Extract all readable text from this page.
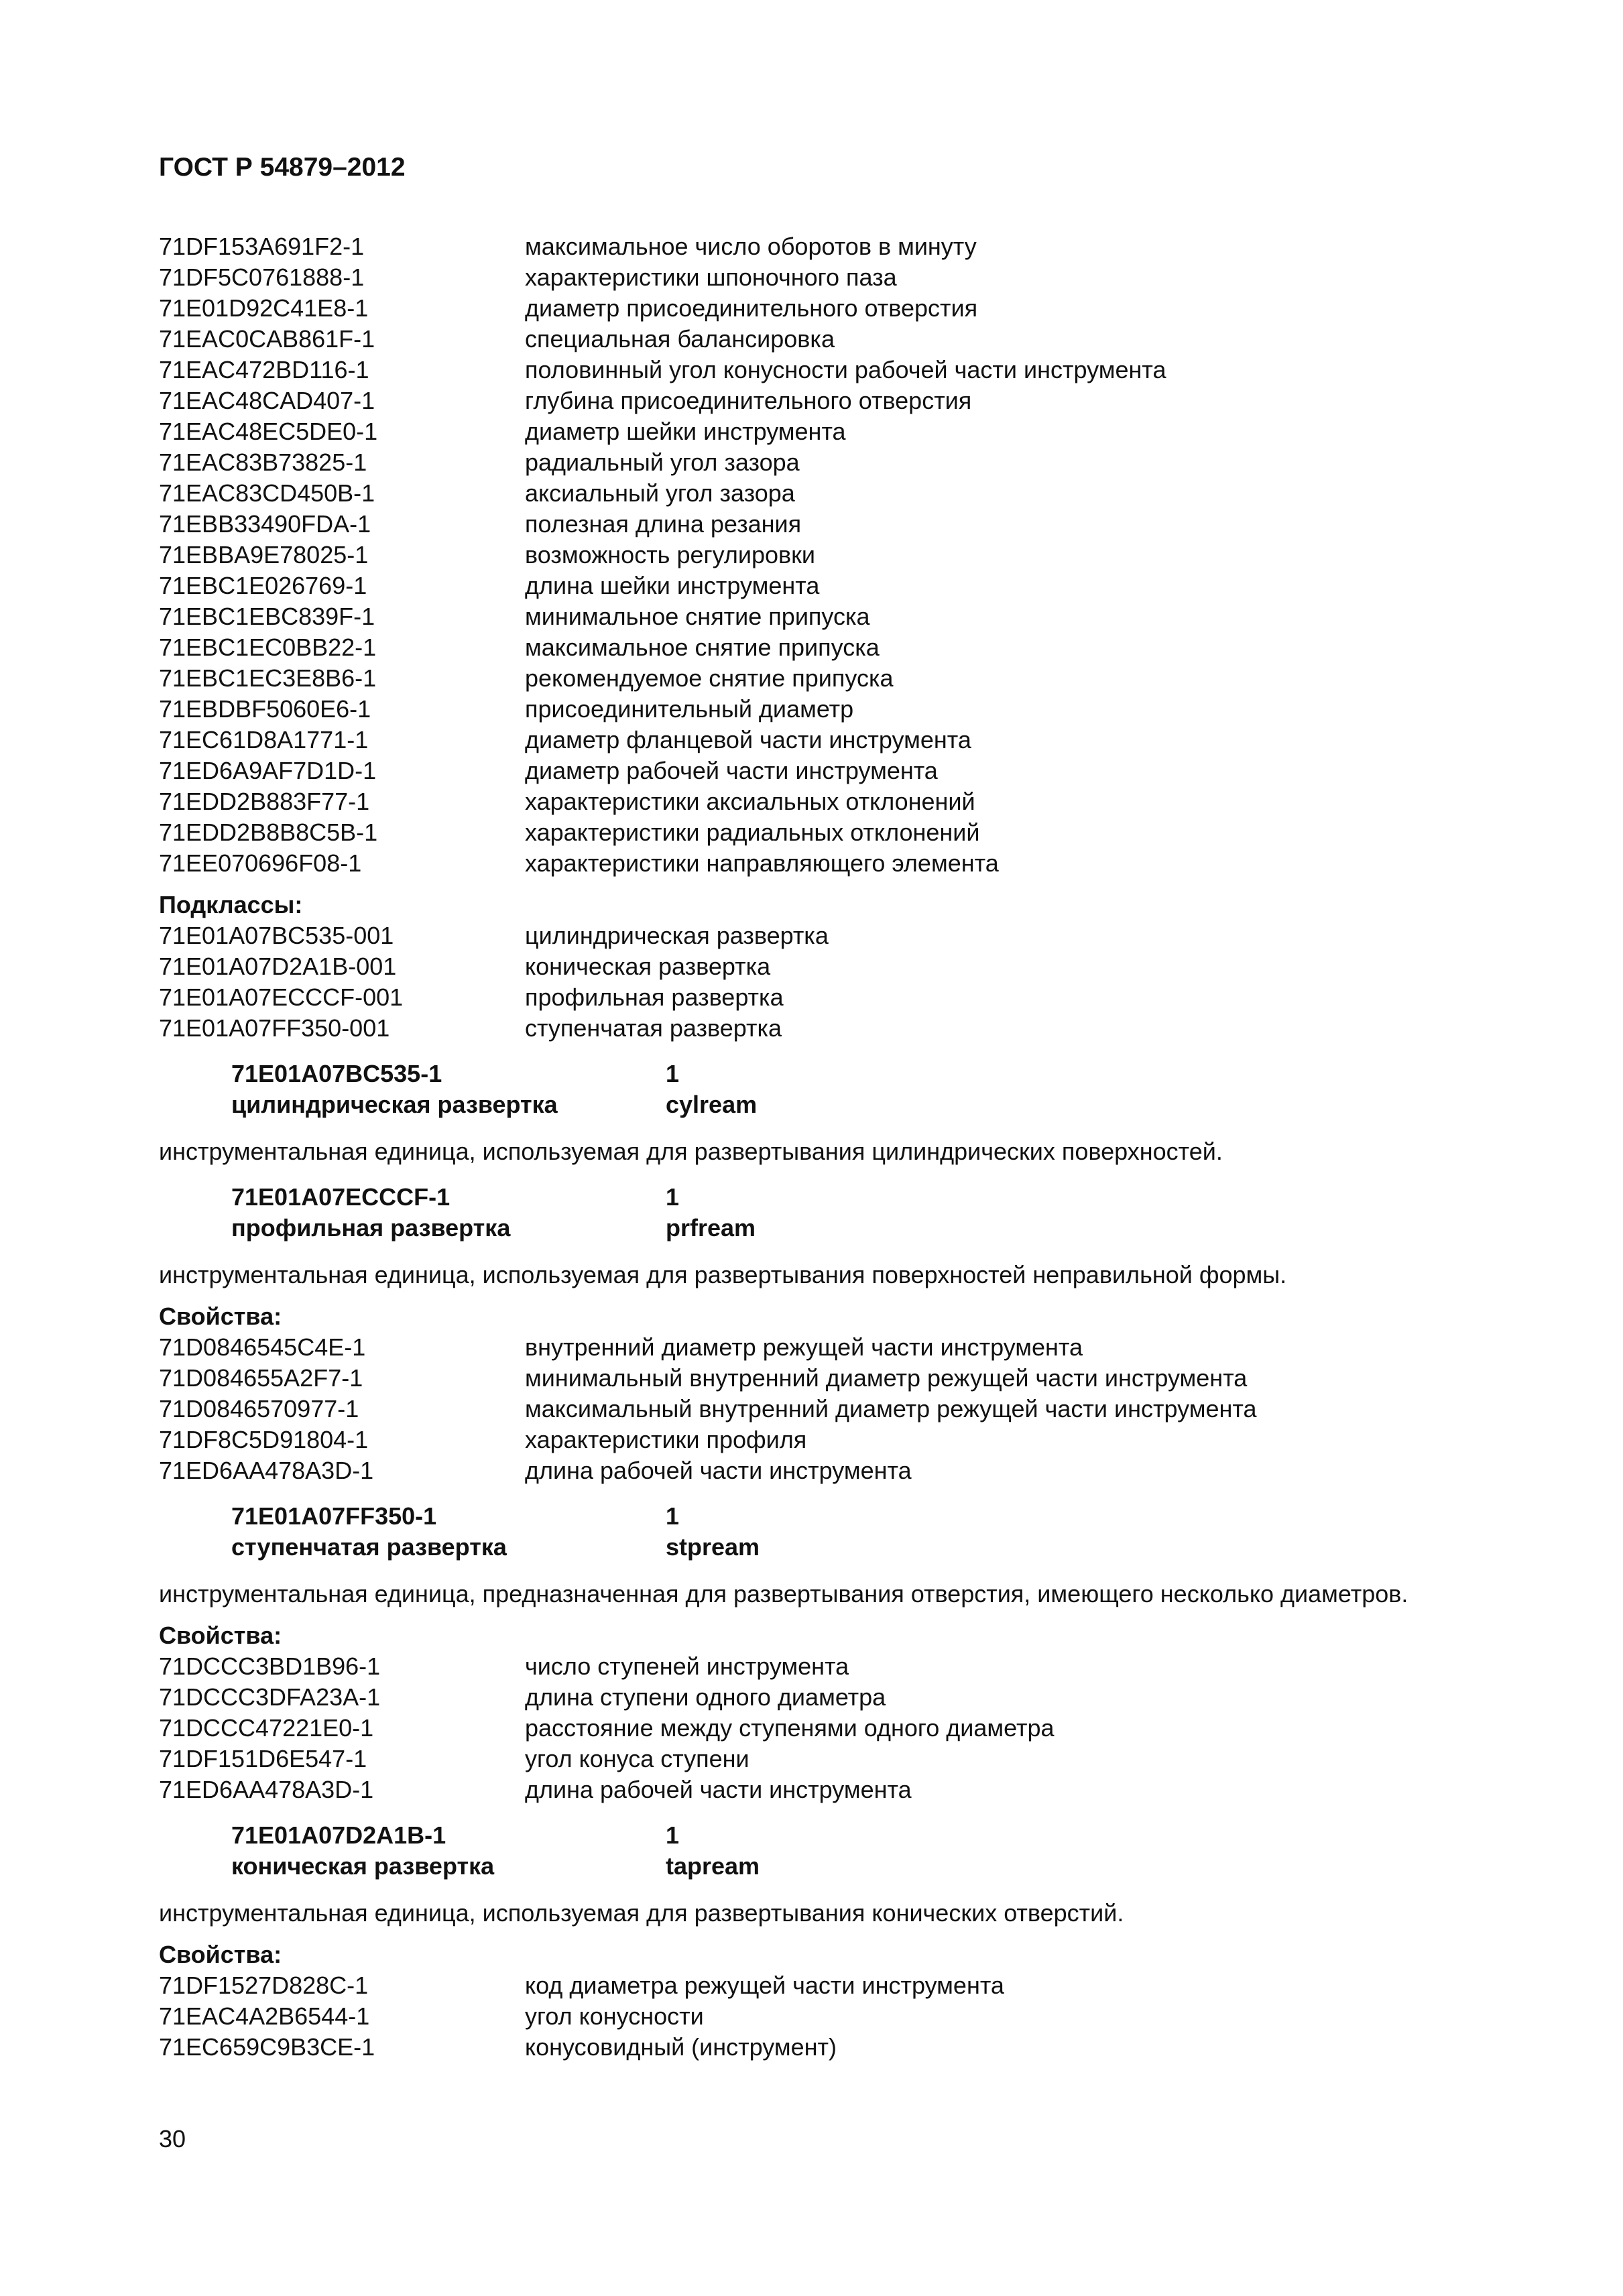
ГОСТ Р 54879–2012
71DF153A691F2-1	максимальное число оборотов в минуту
71DF5C0761888-1	характеристики шпоночного паза
71E01D92C41E8-1	диаметр присоединительного отверстия
71EAC0CAB861F-1	специальная балансировка
71EAC472BD116-1	половинный угол конусности рабочей части инструмента
71EAC48CAD407-1	глубина присоединительного отверстия
71EAC48EC5DE0-1	диаметр шейки инструмента
71EAC83B73825-1	радиальный угол зазора
71EAC83CD450B-1	аксиальный угол зазора
71EBB33490FDA-1	полезная длина резания
71EBBA9E78025-1	возможность регулировки
71EBC1E026769-1	длина шейки инструмента
71EBC1EBC839F-1	минимальное снятие припуска
71EBC1EC0BB22-1	максимальное снятие припуска
71EBC1EC3E8B6-1	рекомендуемое снятие припуска
71EBDBF5060E6-1	присоединительный диаметр
71EC61D8A1771-1	диаметр фланцевой части инструмента
71ED6A9AF7D1D-1	диаметр рабочей части инструмента
71EDD2B883F77-1	характеристики аксиальных отклонений
71EDD2B8B8C5B-1	характеристики радиальных отклонений
71EE070696F08-1	характеристики направляющего элемента
Подклассы:
71E01A07BC535-001	цилиндрическая развертка
71E01A07D2A1B-001	коническая развертка
71E01A07ECCCF-001	профильная развертка
71E01A07FF350-001	ступенчатая развертка
71E01A07BC535-1	1
цилиндрическая развертка	cylream
инструментальная единица, используемая для развертывания цилиндрических поверхностей.
71E01A07ECCCF-1	1
профильная развертка	prfream
инструментальная единица, используемая для развертывания поверхностей неправильной формы.
Свойства:
71D0846545C4E-1	внутренний диаметр режущей части инструмента
71D084655A2F7-1	минимальный внутренний диаметр режущей части инструмента
71D0846570977-1	максимальный внутренний диаметр режущей части инструмента
71DF8C5D91804-1	характеристики профиля
71ED6AA478A3D-1	длина рабочей части инструмента
71E01A07FF350-1	1
ступенчатая развертка	stpream
инструментальная единица, предназначенная для развертывания отверстия, имеющего несколько диаметров.
Свойства:
71DCCC3BD1B96-1	число ступеней инструмента
71DCCC3DFA23A-1	длина ступени одного диаметра
71DCCC47221E0-1	расстояние между ступенями одного диаметра
71DF151D6E547-1	угол конуса ступени
71ED6AA478A3D-1	длина рабочей части инструмента
71E01A07D2A1B-1	1
коническая развертка	tapream
инструментальная единица, используемая для развертывания конических отверстий.
Свойства:
71DF1527D828C-1	код диаметра режущей части инструмента
71EAC4A2B6544-1	угол конусности
71EC659C9B3CE-1	конусовидный (инструмент)
30
